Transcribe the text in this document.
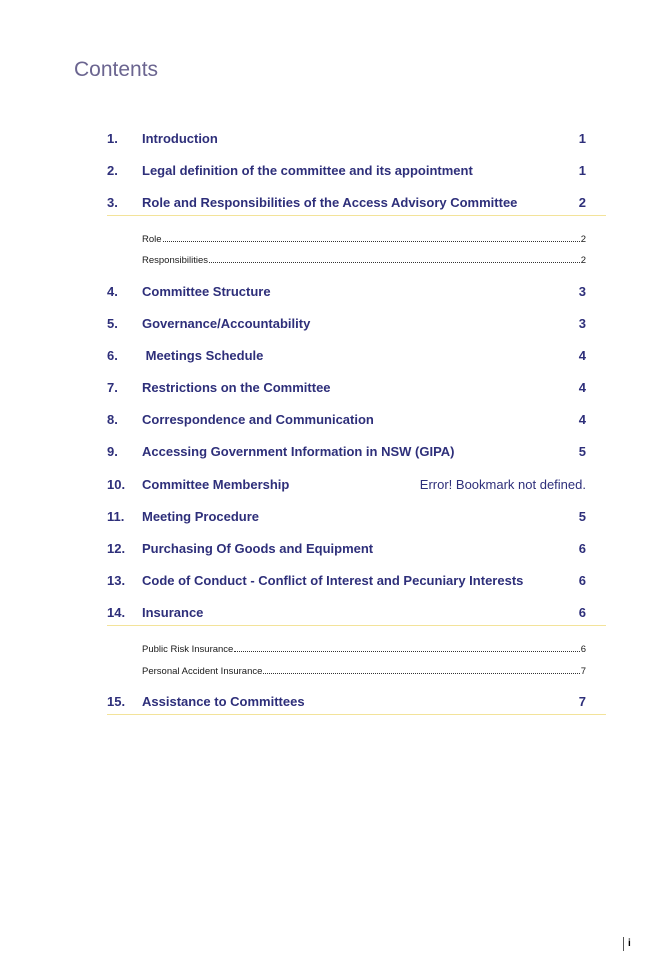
Contents
1.	Introduction	1
2.	Legal definition of the committee and its appointment	1
3.	Role and Responsibilities of the Access Advisory Committee	2
Role	2
Responsibilities	2
4.	Committee Structure	3
5.	Governance/Accountability	3
6.	Meetings Schedule	4
7.	Restrictions on the Committee	4
8.	Correspondence and Communication	4
9.	Accessing Government Information in NSW (GIPA)	5
10.	Committee Membership	Error! Bookmark not defined.
11.	Meeting Procedure	5
12.	Purchasing Of Goods and Equipment	6
13.	Code of Conduct - Conflict of Interest and Pecuniary Interests	6
14.	Insurance	6
Public Risk Insurance	6
Personal Accident Insurance	7
15.	Assistance to Committees	7
i
